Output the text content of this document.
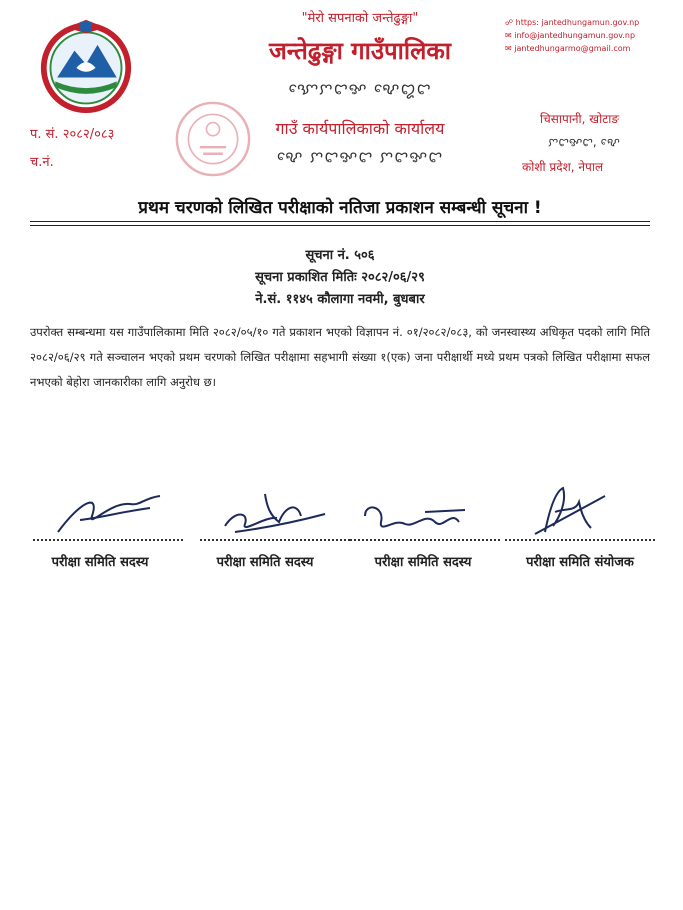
"मेरो सपनाको जन्तेढुङ्गा"
जन्तेढुङ्गा गाउँपालिका
ꨎꨯꨆꨤꨀ ꨦꨯꨁꨤ
गाउँ कार्यपालिकाको कार्यालय
ꨦꨯ ꨆꨤꨀꨤ ꨆꨤꨀꨤ
☍ https: jantedhungamun.gov.np
✉ info@jantedhungamun.gov.np
✉ jantedhungarmo@gmail.com
चिसापानी, खोटाङ
ꨆꨤꨀꨤ, ꨦꨯ
कोशी प्रदेश, नेपाल
प. सं. २०८२/०८३
च.नं.
प्रथम चरणको लिखित परीक्षाको नतिजा प्रकाशन सम्बन्धी सूचना !
सूचना नं. ५०६
सूचना प्रकाशित मितिः २०८२/०६/२९
ने.सं. ११४५ कौलागा नवमी, बुधबार
उपरोक्त सम्बन्धमा यस गाउँपालिकामा मिति २०८२/०५/१० गते प्रकाशन भएको विज्ञापन नं. ०१/२०८२/०८३, को जनस्वास्थ्य अधिकृत पदको लागि मिति २०८२/०६/२९ गते सञ्चालन भएको प्रथम चरणको लिखित परीक्षामा सहभागी संख्या १(एक) जना परीक्षार्थी मध्ये प्रथम पत्रको लिखित परीक्षामा सफल नभएको बेहोरा जानकारीका लागि अनुरोध छ।
परीक्षा समिति सदस्य	परीक्षा समिति सदस्य	परीक्षा समिति सदस्य	परीक्षा समिति संयोजक
